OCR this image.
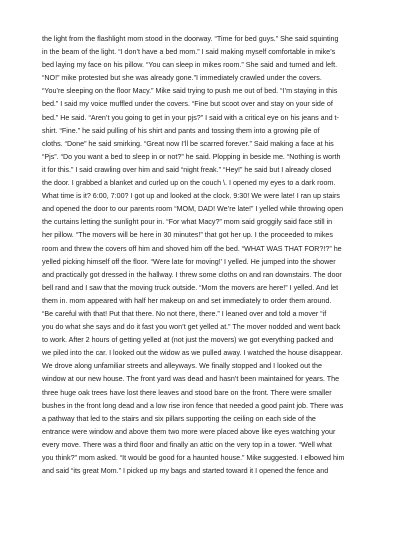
the light from the flashlight mom stood in the doorway. “Time for bed guys.” She said squinting
in the beam of the light. “I don’t have a bed mom.” I said making myself comfortable in mike’s
bed laying my face on his pillow. “You can sleep in mikes room.” She said and turned and left.
“NO!” mike protested but she was already gone.”I immediately crawled under the covers.
“You’re sleeping on the floor Macy.” Mike said trying to push me out of bed. “I’m staying in this
bed.” I said my voice muffled under the covers. “Fine but scoot over and stay on your side of
bed.” He said. “Aren’t you going to get in your pjs?” I said with a critical eye on his jeans and t-
shirt. “Fine.” he said pulling of his shirt and pants and tossing them into a growing pile of
cloths. “Done” he said smirking. “Great now I’ll be scarred forever.” Said making a face at his
“Pjs”. “Do you want a bed to sleep in or not?” he said. Plopping in beside me. “Nothing is worth
it for this.” I said crawling over him and said “night freak.” “Hey!” he said but I already closed
the door. I grabbed a blanket and curled up on the couch \. I opened my eyes to a dark room.
What time is it? 6:00, 7:00? I got up and looked at the clock. 9:30! We were late! I ran up stairs
and opened the door to our parents room “MOM, DAD! We’re late!” I yelled while throwing open
the curtains letting the sunlight pour in. “For what Macy?” mom said groggily said face still in
her pillow. “The movers will be here in 30 minutes!” that got her up. I the proceeded to mikes
room and threw the covers off him and shoved him off the bed. “WHAT WAS THAT FOR?!?” he
yelled picking himself off the floor. “Were late for moving!’ I yelled. He jumped into the shower
and practically got dressed in the hallway. I threw some cloths on and ran downstairs. The door
bell rand and I saw that the moving truck outside. “Mom the movers are here!” I yelled. And let
them in. mom appeared with half her makeup on and set immediately to order them around.
“Be careful with that! Put that there. No not there, there.” I leaned over and told a mover “if
you do what she says and do it fast you won’t get yelled at.” The mover nodded and went back
to work. After 2 hours of getting yelled at (not just the movers) we got everything packed and
we piled into the car. I looked out the widow as we pulled away. I watched the house disappear.
We drove along unfamiliar streets and alleyways. We finally stopped and I looked out the
window at our new house. The front yard was dead and hasn’t been maintained for years. The
three huge oak trees have lost there leaves and stood bare on the front. There were smaller
bushes in the front long dead and a low rise iron fence that needed a good paint job. There was
a pathway that led to the stairs and six pillars supporting the ceiling on each side of the
entrance were window and above them two more were placed above like eyes watching your
every move. There was a third floor and finally an attic on the very top in a tower. “Well what
you think?” mom asked. “It would be good for a haunted house.” Mike suggested. I elbowed him
and said “its great Mom.” I picked up my bags and started toward it I opened the fence and
